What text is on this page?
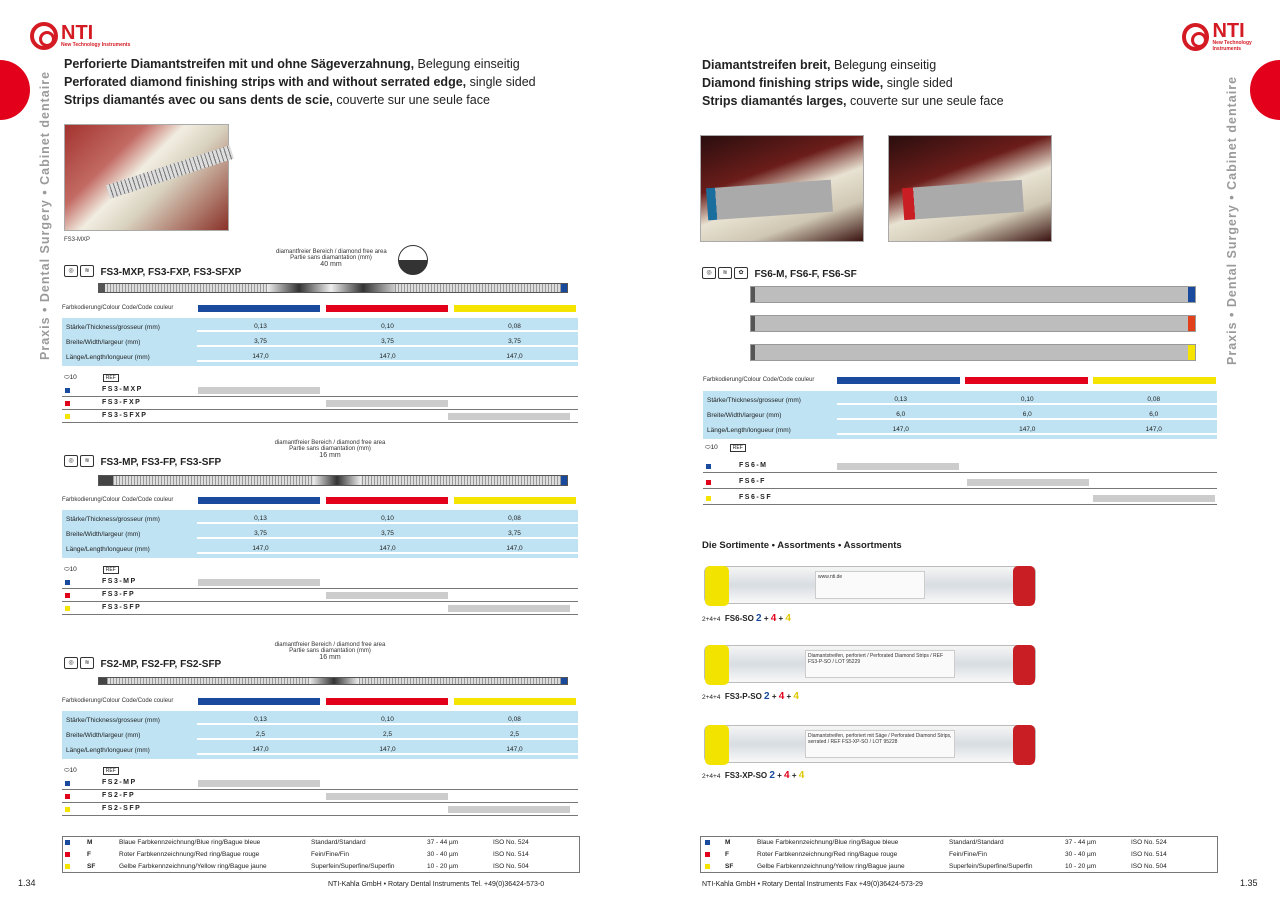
NTI
New Technology Instruments
Praxis • Dental Surgery • Cabinet dentaire
Perforierte Diamantstreifen mit und ohne Sägeverzahnung, Belegung einseitig
Perforated diamond finishing strips with and without serrated edge, single sided
Strips diamantés avec ou sans dents de scie, couverte sur une seule face
FS3-MXP
◎ ≋ FS3-MXP, FS3-FXP, FS3-SFXP
diamantfreier Bereich / diamond free area
Partie sans diamantation (mm)
40 mm
Farbkodierung/Colour Code/Code couleur
Stärke/Thickness/grosseur (mm)	0,13	0,10	0,08
Breite/Width/largeur (mm)	3,75	3,75	3,75
Länge/Length/longueur (mm)	147,0	147,0	147,0
⬭10	REF
FS3-MXP
FS3-FXP
FS3-SFXP
diamantfreier Bereich / diamond free area
Partie sans diamantation (mm)
16 mm
◎ ≋ FS3-MP, FS3-FP, FS3-SFP
Farbkodierung/Colour Code/Code couleur
Stärke/Thickness/grosseur (mm)	0,13	0,10	0,08
Breite/Width/largeur (mm)	3,75	3,75	3,75
Länge/Length/longueur (mm)	147,0	147,0	147,0
⬭10	REF
FS3-MP
FS3-FP
FS3-SFP
diamantfreier Bereich / diamond free area
Partie sans diamantation (mm)
16 mm
◎ ≋ FS2-MP, FS2-FP, FS2-SFP
Farbkodierung/Colour Code/Code couleur
Stärke/Thickness/grosseur (mm)	0,13	0,10	0,08
Breite/Width/largeur (mm)	2,5	2,5	2,5
Länge/Length/longueur (mm)	147,0	147,0	147,0
⬭10	REF
FS2-MP
FS2-FP
FS2-SFP
M	Blaue Farbkennzeichnung/Blue ring/Bague bleue	Standard/Standard	37 - 44 µm	ISO No. 524
F	Roter Farbkennzeichnung/Red ring/Bague rouge	Fein/Fine/Fin	30 - 40 µm	ISO No. 514
SF	Gelbe Farbkennzeichnung/Yellow ring/Bague jaune	Superfein/Superfine/Superfin	10 - 20 µm	ISO No. 504
1.34	NTI-Kahla GmbH • Rotary Dental Instruments Tel. +49(0)36424-573-0
NTI
New Technology Instruments
Praxis • Dental Surgery • Cabinet dentaire
Diamantstreifen breit, Belegung einseitig
Diamond finishing strips wide, single sided
Strips diamantés larges, couverte sur une seule face
◎ ≋ ✿ FS6-M, FS6-F, FS6-SF
Farbkodierung/Colour Code/Code couleur
Stärke/Thickness/grosseur (mm)	0,13	0,10	0,08
Breite/Width/largeur (mm)	6,0	6,0	6,0
Länge/Length/longueur (mm)	147,0	147,0	147,0
⬭10	REF
FS6-M
FS6-F
FS6-SF
Die Sortimente • Assortments • Assortments
www.nti.de
2+4+4 FS6-SO 2 + 4 + 4
Diamantstreifen, perforiert / Perforated Diamond Strips / REF FS3-P-SO / LOT 95229
2+4+4 FS3-P-SO 2 + 4 + 4
Diamantstreifen, perforiert mit Säge / Perforated Diamond Strips, serrated / REF FS3-XP-SO / LOT 95228
2+4+4 FS3-XP-SO 2 + 4 + 4
M	Blaue Farbkennzeichnung/Blue ring/Bague bleue	Standard/Standard	37 - 44 µm	ISO No. 524
F	Roter Farbkennzeichnung/Red ring/Bague rouge	Fein/Fine/Fin	30 - 40 µm	ISO No. 514
SF	Gelbe Farbkennzeichnung/Yellow ring/Bague jaune	Superfein/Superfine/Superfin	10 - 20 µm	ISO No. 504
NTI-Kahla GmbH • Rotary Dental Instruments Fax +49(0)36424-573-29	1.35
